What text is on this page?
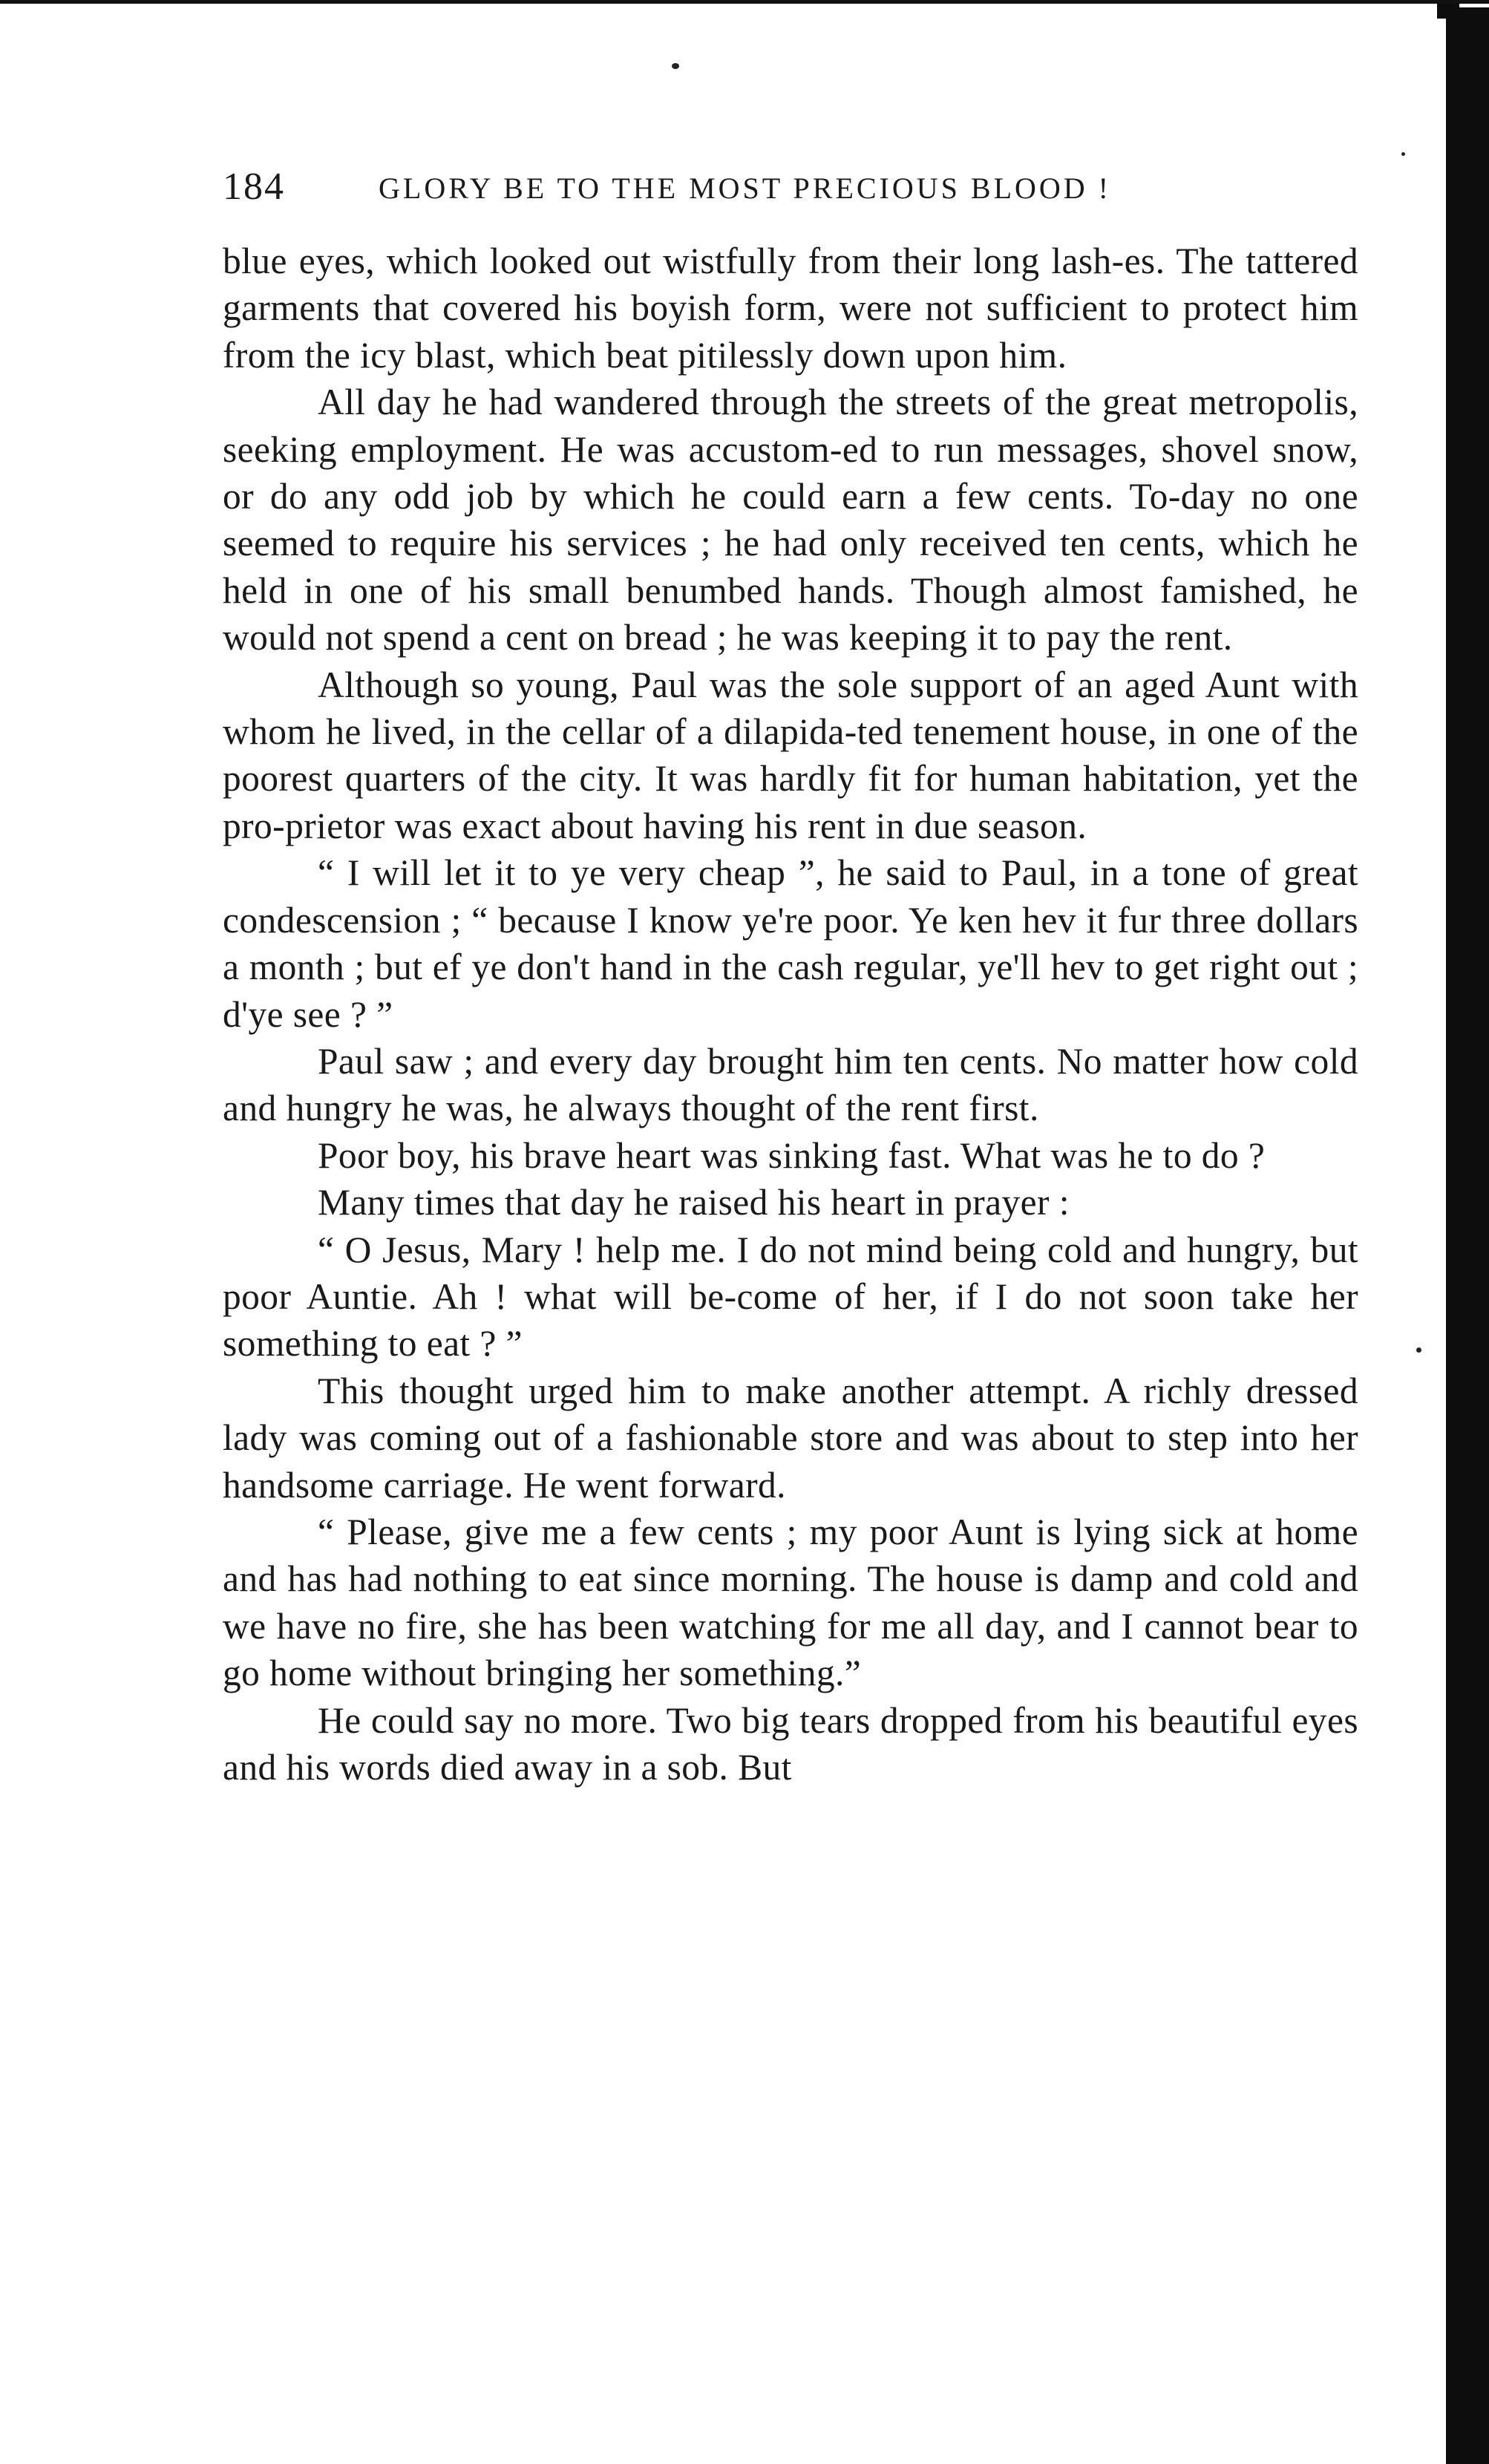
184	GLORY BE TO THE MOST PRECIOUS BLOOD !

blue eyes, which looked out wistfully from their long lash-es. The tattered garments that covered his boyish form, were not sufficient to protect him from the icy blast, which beat pitilessly down upon him.

All day he had wandered through the streets of the great metropolis, seeking employment. He was accustom-ed to run messages, shovel snow, or do any odd job by which he could earn a few cents. To-day no one seemed to require his services ; he had only received ten cents, which he held in one of his small benumbed hands. Though almost famished, he would not spend a cent on bread ; he was keeping it to pay the rent.

Although so young, Paul was the sole support of an aged Aunt with whom he lived, in the cellar of a dilapida-ted tenement house, in one of the poorest quarters of the city. It was hardly fit for human habitation, yet the pro-prietor was exact about having his rent in due season.

“ I will let it to ye very cheap ”, he said to Paul, in a tone of great condescension ; “ because I know ye're poor. Ye ken hev it fur three dollars a month ; but ef ye don't hand in the cash regular, ye'll hev to get right out ; d'ye see ? ”

Paul saw ; and every day brought him ten cents. No matter how cold and hungry he was, he always thought of the rent first.

Poor boy, his brave heart was sinking fast. What was he to do ?

Many times that day he raised his heart in prayer :

“ O Jesus, Mary ! help me. I do not mind being cold and hungry, but poor Auntie. Ah ! what will be-come of her, if I do not soon take her something to eat ? ”

This thought urged him to make another attempt. A richly dressed lady was coming out of a fashionable store and was about to step into her handsome carriage. He went forward.

“ Please, give me a few cents ; my poor Aunt is lying sick at home and has had nothing to eat since morning. The house is damp and cold and we have no fire, she has been watching for me all day, and I cannot bear to go home without bringing her something.”

He could say no more. Two big tears dropped from his beautiful eyes and his words died away in a sob. But
